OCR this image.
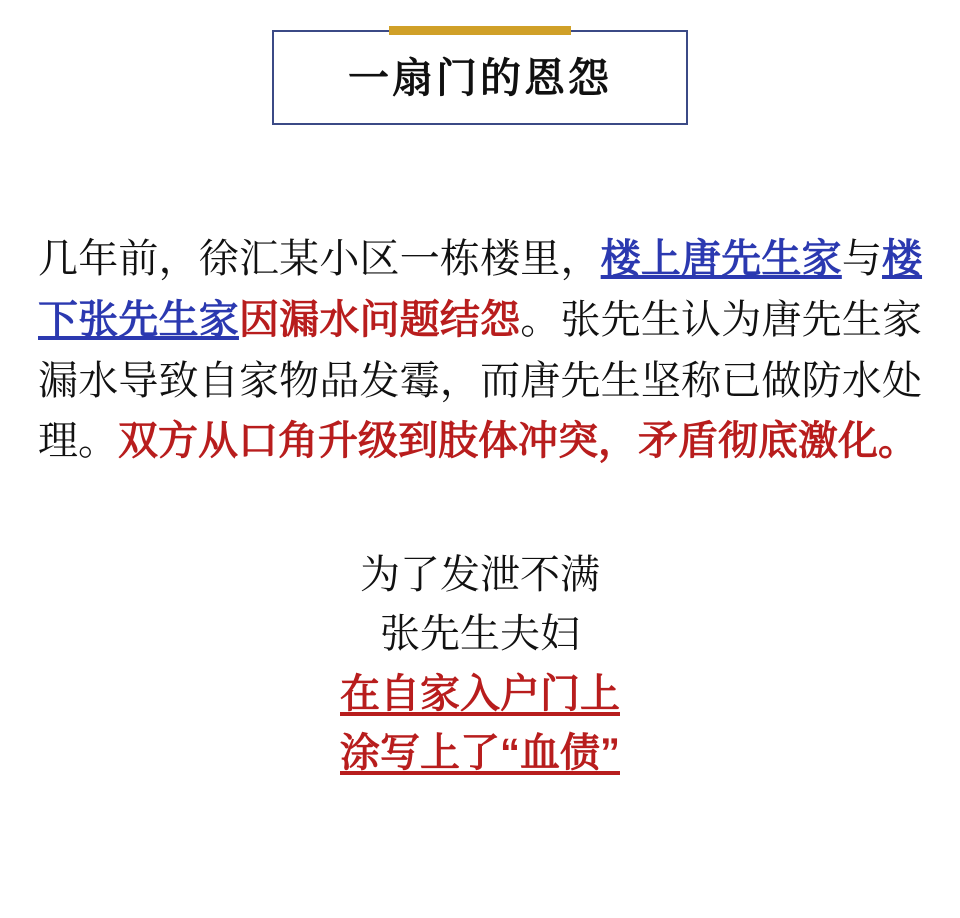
一扇门的恩怨

几年前，徐汇某小区一栋楼里，楼上唐先生家与楼下张先生家因漏水问题结怨。张先生认为唐先生家漏水导致自家物品发霉，而唐先生坚称已做防水处理。双方从口角升级到肢体冲突，矛盾彻底激化。

为了发泄不满
张先生夫妇
在自家入户门上
涂写上了“血债”
